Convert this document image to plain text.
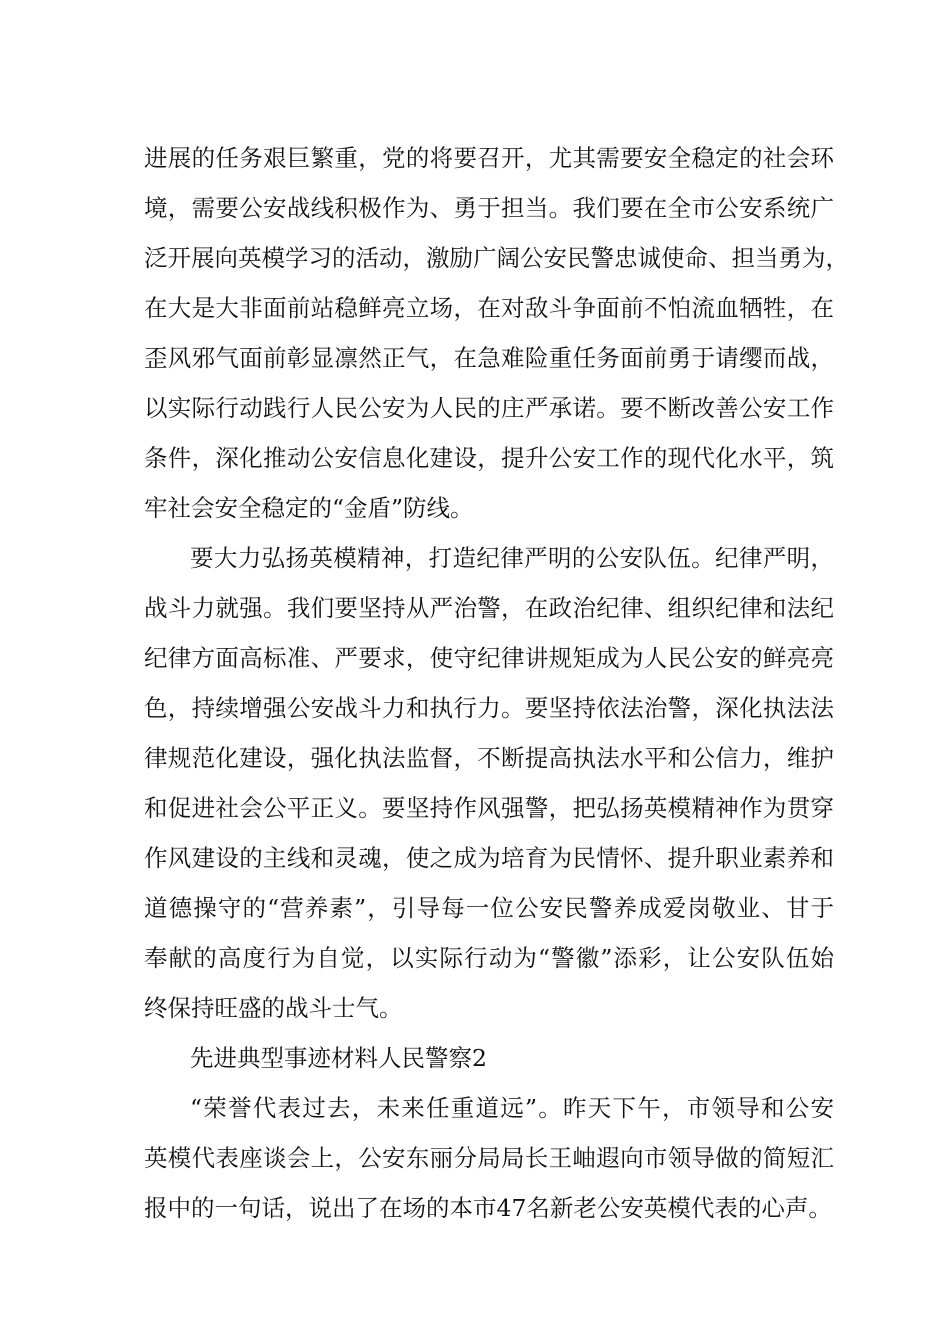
进展的任务艰巨繁重，党的将要召开，尤其需要安全稳定的社会环
境，需要公安战线积极作为、勇于担当。我们要在全市公安系统广
泛开展向英模学习的活动，激励广阔公安民警忠诚使命、担当勇为，
在大是大非面前站稳鲜亮立场，在对敌斗争面前不怕流血牺牲，在
歪风邪气面前彰显凛然正气，在急难险重任务面前勇于请缨而战，
以实际行动践行人民公安为人民的庄严承诺。要不断改善公安工作
条件，深化推动公安信息化建设，提升公安工作的现代化水平，筑
牢社会安全稳定的“金盾”防线。
要大力弘扬英模精神，打造纪律严明的公安队伍。纪律严明，
战斗力就强。我们要坚持从严治警，在政治纪律、组织纪律和法纪
纪律方面高标准、严要求，使守纪律讲规矩成为人民公安的鲜亮亮
色，持续增强公安战斗力和执行力。要坚持依法治警，深化执法法
律规范化建设，强化执法监督，不断提高执法水平和公信力，维护
和促进社会公平正义。要坚持作风强警，把弘扬英模精神作为贯穿
作风建设的主线和灵魂，使之成为培育为民情怀、提升职业素养和
道德操守的“营养素”，引导每一位公安民警养成爱岗敬业、甘于
奉献的高度行为自觉，以实际行动为“警徽”添彩，让公安队伍始
终保持旺盛的战斗士气。
先进典型事迹材料人民警察2
“荣誉代表过去，未来任重道远”。昨天下午，市领导和公安
英模代表座谈会上，公安东丽分局局长王岫遐向市领导做的简短汇
报中的一句话，说出了在场的本市47名新老公安英模代表的心声。
